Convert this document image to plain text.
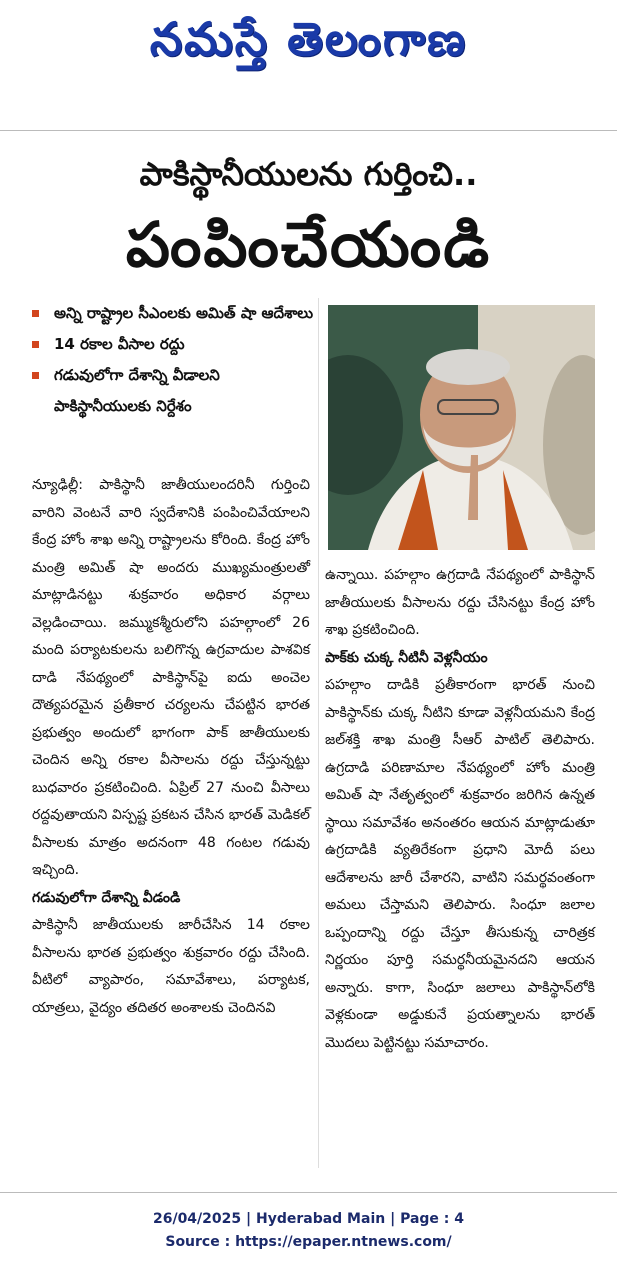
నమస్తే తెలంగాణ
పాకిస్థానీయులను గుర్తించి..
పంపించేయండి
అన్ని రాష్ట్రాల సీఎంలకు అమిత్ షా ఆదేశాలు
14 రకాల వీసాల రద్దు
గడువులోగా దేశాన్ని వీడాలని పాకిస్థానీయులకు నిర్దేశం

న్యూఢిల్లీ: పాకిస్థానీ జాతీయులందరినీ గుర్తించి వారిని వెంటనే వారి స్వదేశానికి పంపించివేయాలని కేంద్ర హోం శాఖ అన్ని రాష్ట్రాలను కోరింది. కేంద్ర హోం మంత్రి అమిత్ షా అందరు ముఖ్యమంత్రులతో మాట్లాడినట్టు శుక్రవారం అధికార వర్గాలు వెల్లడించాయి. జమ్ముకశ్మీరులోని పహల్గాంలో 26 మంది పర్యాటకులను బలిగొన్న ఉగ్రవాదుల పాశవిక దాడి నేపథ్యంలో పాకిస్థాన్‌పై ఐదు అంచెల దౌత్యపరమైన ప్రతీకార చర్యలను చేపట్టిన భారత ప్రభుత్వం అందులో భాగంగా పాక్ జాతీయులకు చెందిన అన్ని రకాల వీసాలను రద్దు చేస్తున్నట్టు బుధవారం ప్రకటించింది. ఏప్రిల్ 27 నుంచి వీసాలు రద్దవుతాయని విస్పష్ట ప్రకటన చేసిన భారత్ మెడికల్ వీసాలకు మాత్రం అదనంగా 48 గంటల గడువు ఇచ్చింది.

గడువులోగా దేశాన్ని వీడండి

పాకిస్థానీ జాతీయులకు జారీచేసిన 14 రకాల వీసాలను భారత ప్రభుత్వం శుక్రవారం రద్దు చేసింది. వీటిలో వ్యాపారం, సమావేశాలు, పర్యాటక, యాత్రలు, వైద్యం తదితర అంశాలకు చెందినవి

ఉన్నాయి. పహల్గాం ఉగ్రదాడి నేపథ్యంలో పాకిస్థాన్ జాతీయులకు వీసాలను రద్దు చేసినట్టు కేంద్ర హోం శాఖ ప్రకటించింది.

పాక్‌కు చుక్క నీటినీ వెళ్లనీయం

పహల్గాం దాడికి ప్రతీకారంగా భారత్ నుంచి పాకిస్థాన్‌కు చుక్క నీటిని కూడా వెళ్లనీయమని కేంద్ర జల్‌శక్తి శాఖ మంత్రి సీఆర్ పాటిల్ తెలిపారు. ఉగ్రదాడి పరిణామాల నేపథ్యంలో హోం మంత్రి అమిత్ షా నేతృత్వంలో శుక్రవారం జరిగిన ఉన్నత స్థాయి సమావేశం అనంతరం ఆయన మాట్లాడుతూ ఉగ్రదాడికి వ్యతిరేకంగా ప్రధాని మోదీ పలు ఆదేశాలను జారీ చేశారని, వాటిని సమర్థవంతంగా అమలు చేస్తామని తెలిపారు. సింధూ జలాల ఒప్పందాన్ని రద్దు చేస్తూ తీసుకున్న చారిత్రక నిర్ణయం పూర్తి సమర్థనీయమైనదని ఆయన అన్నారు. కాగా, సింధూ జలాలు పాకిస్థాన్‌లోకి వెళ్లకుండా అడ్డుకునే ప్రయత్నాలను భారత్ మొదలు పెట్టినట్టు సమాచారం.

26/04/2025 | Hyderabad Main | Page : 4
Source : https://epaper.ntnews.com/
